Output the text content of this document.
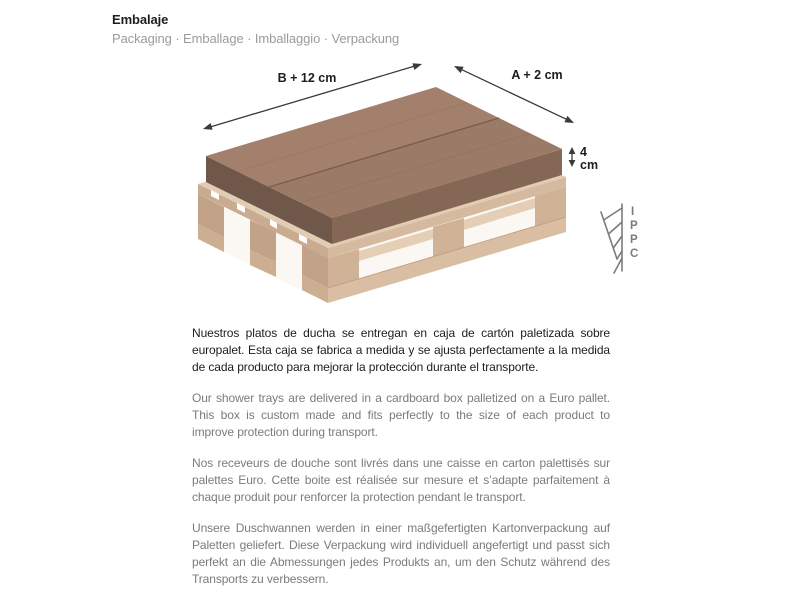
Embalaje
Packaging · Emballage · Imballaggio · Verpackung
B + 12 cm	A + 2 cm
4
cm
I
P
P
C

Nuestros platos de ducha se entregan en caja de cartón paletizada sobre europalet. Esta caja se fabrica a medida y se ajusta perfectamente a la medida de cada producto para mejorar la protección durante el transporte.

Our shower trays are delivered in a cardboard box palletized on a Euro pallet. This box is custom made and fits perfectly to the size of each product to improve protection during transport.

Nos receveurs de douche sont livrés dans une caisse en carton palettisés sur palettes Euro. Cette boite est réalisée sur mesure et s’adapte parfaitement à chaque produit pour renforcer la protection pendant le transport.

Unsere Duschwannen werden in einer maßgefertigten Kartonverpackung auf Paletten geliefert. Diese Verpackung wird individuell angefertigt und passt sich perfekt an die Abmessungen jedes Produkts an, um den Schutz während des Transports zu verbessern.
